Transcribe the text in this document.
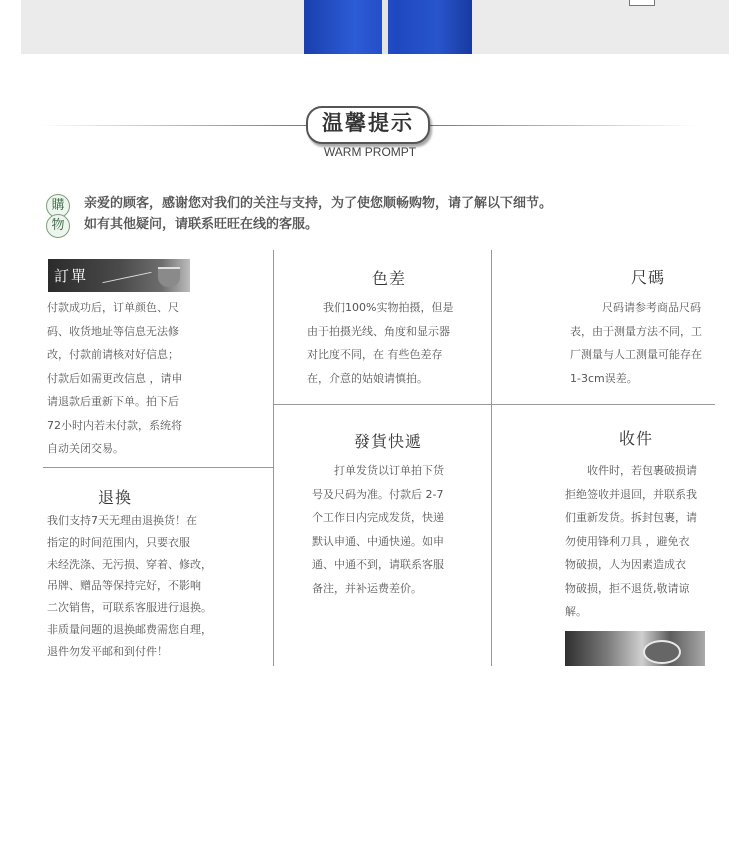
温馨提示
WARM PROMPT
購
物
亲爱的顾客，感谢您对我们的关注与支持，为了使您顺畅购物，请了解以下细节。
如有其他疑问，请联系旺旺在线的客服。
訂單
付款成功后，订单颜色、尺
码、收货地址等信息无法修
改，付款前请核对好信息；
付款后如需更改信息 ，请申
请退款后重新下单。拍下后
72小时内若未付款，系统将
自动关闭交易。
色差
我们100%实物拍摄，但是
由于拍摄光线、角度和显示器
对比度不同，在 有些色差存
在，介意的姑娘请慎拍。
尺碼
尺码请参考商品尺码
表，由于测量方法不同，工
厂测量与人工测量可能存在
1-3cm误差。
退換
我们支持7天无理由退换货！在
指定的时间范围内，只要衣服
未经洗涤、无污损、穿着、修改，
吊牌、赠品等保持完好，不影响
二次销售，可联系客服进行退换。
非质量问题的退换邮费需您自理，
退件勿发平邮和到付件！
發貨快遞
打单发货以订单拍下货
号及尺码为准。付款后 2-7
个工作日内完成发货，快递
默认申通、中通快递。如申
通、中通不到，请联系客服
备注，并补运费差价。
收件
收件时，若包裹破损请
拒绝签收并退回，并联系我
们重新发货。拆封包裹，请
勿使用锋利刀具 ，避免衣
物破损，人为因素造成衣
物破损，拒不退货,敬请谅
解。
